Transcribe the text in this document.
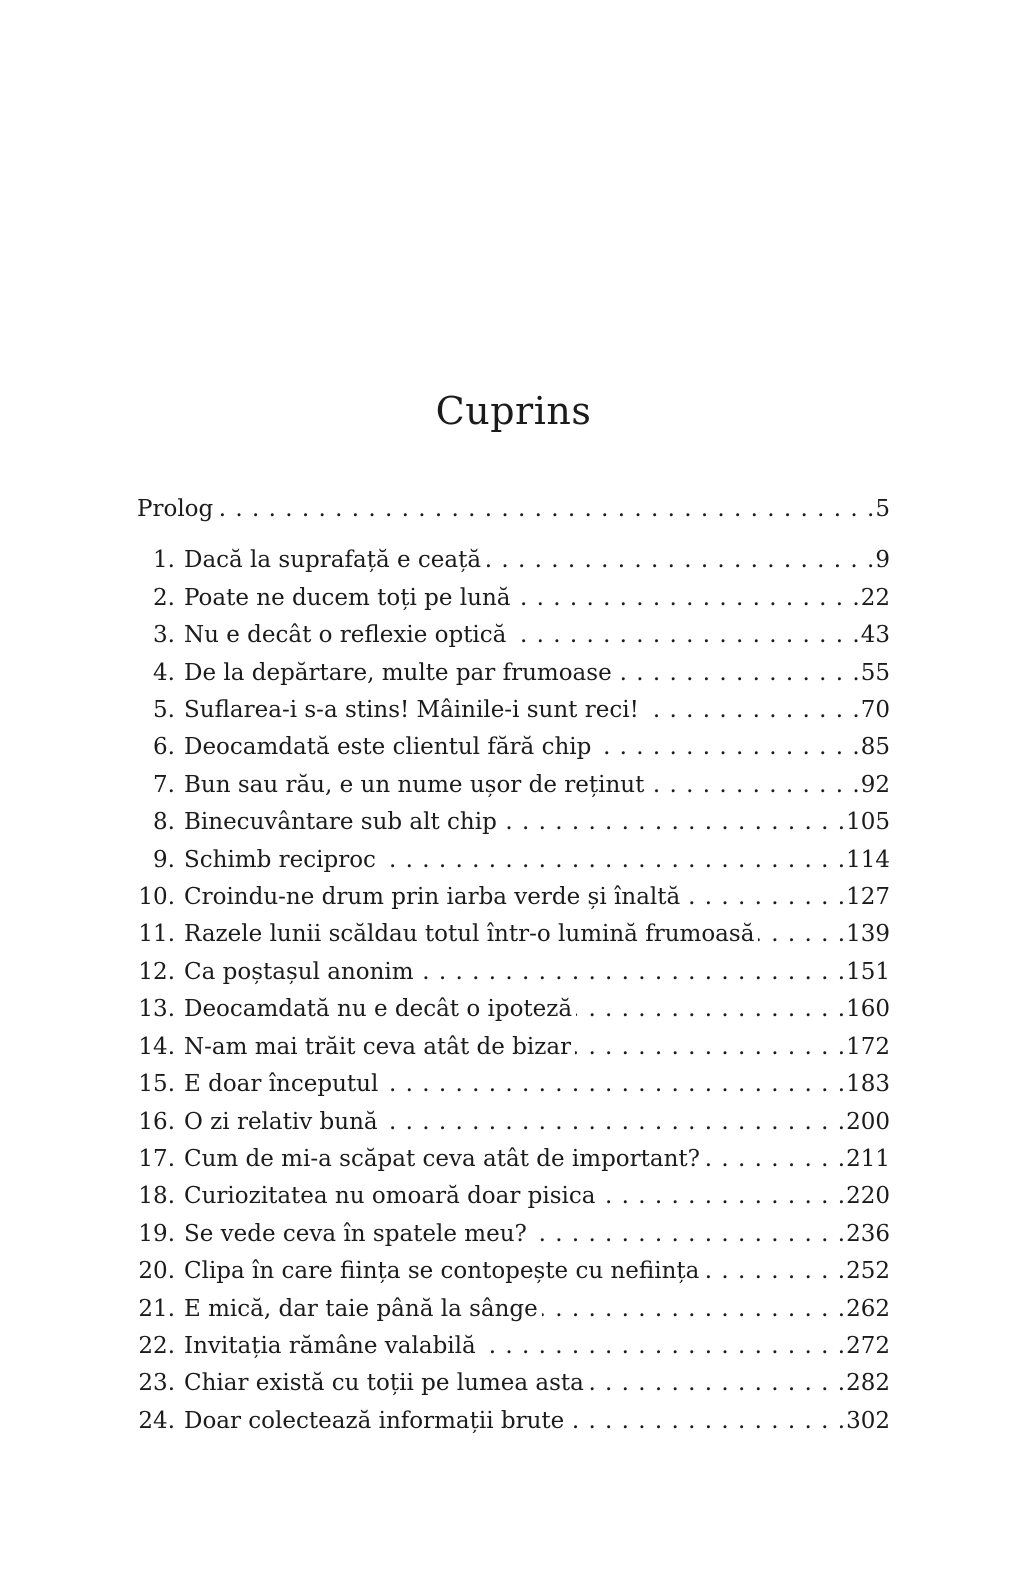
Cuprins
Prolog . . .	5
1. Dacă la suprafață e ceață . . .	9
2. Poate ne ducem toți pe lună . . .	22
3. Nu e decât o reflexie optică . . .	43
4. De la depărtare, multe par frumoase . . .	55
5. Suflarea-i s-a stins! Mâinile-i sunt reci! . . .	70
6. Deocamdată este clientul fără chip . . .	85
7. Bun sau rău, e un nume ușor de reținut . . .	92
8. Binecuvântare sub alt chip . . .	105
9. Schimb reciproc . . .	114
10. Croindu-ne drum prin iarba verde și înaltă . . .	127
11. Razele lunii scăldau totul într-o lumină frumoasă . . .	139
12. Ca poștașul anonim . . .	151
13. Deocamdată nu e decât o ipoteză . . .	160
14. N-am mai trăit ceva atât de bizar . . .	172
15. E doar începutul . . .	183
16. O zi relativ bună . . .	200
17. Cum de mi-a scăpat ceva atât de important? . . .	211
18. Curiozitatea nu omoară doar pisica . . .	220
19. Se vede ceva în spatele meu? . . .	236
20. Clipa în care ființa se contopește cu neființa . . .	252
21. E mică, dar taie până la sânge . . .	262
22. Invitația rămâne valabilă . . .	272
23. Chiar există cu toții pe lumea asta . . .	282
24. Doar colectează informații brute . . .	302
